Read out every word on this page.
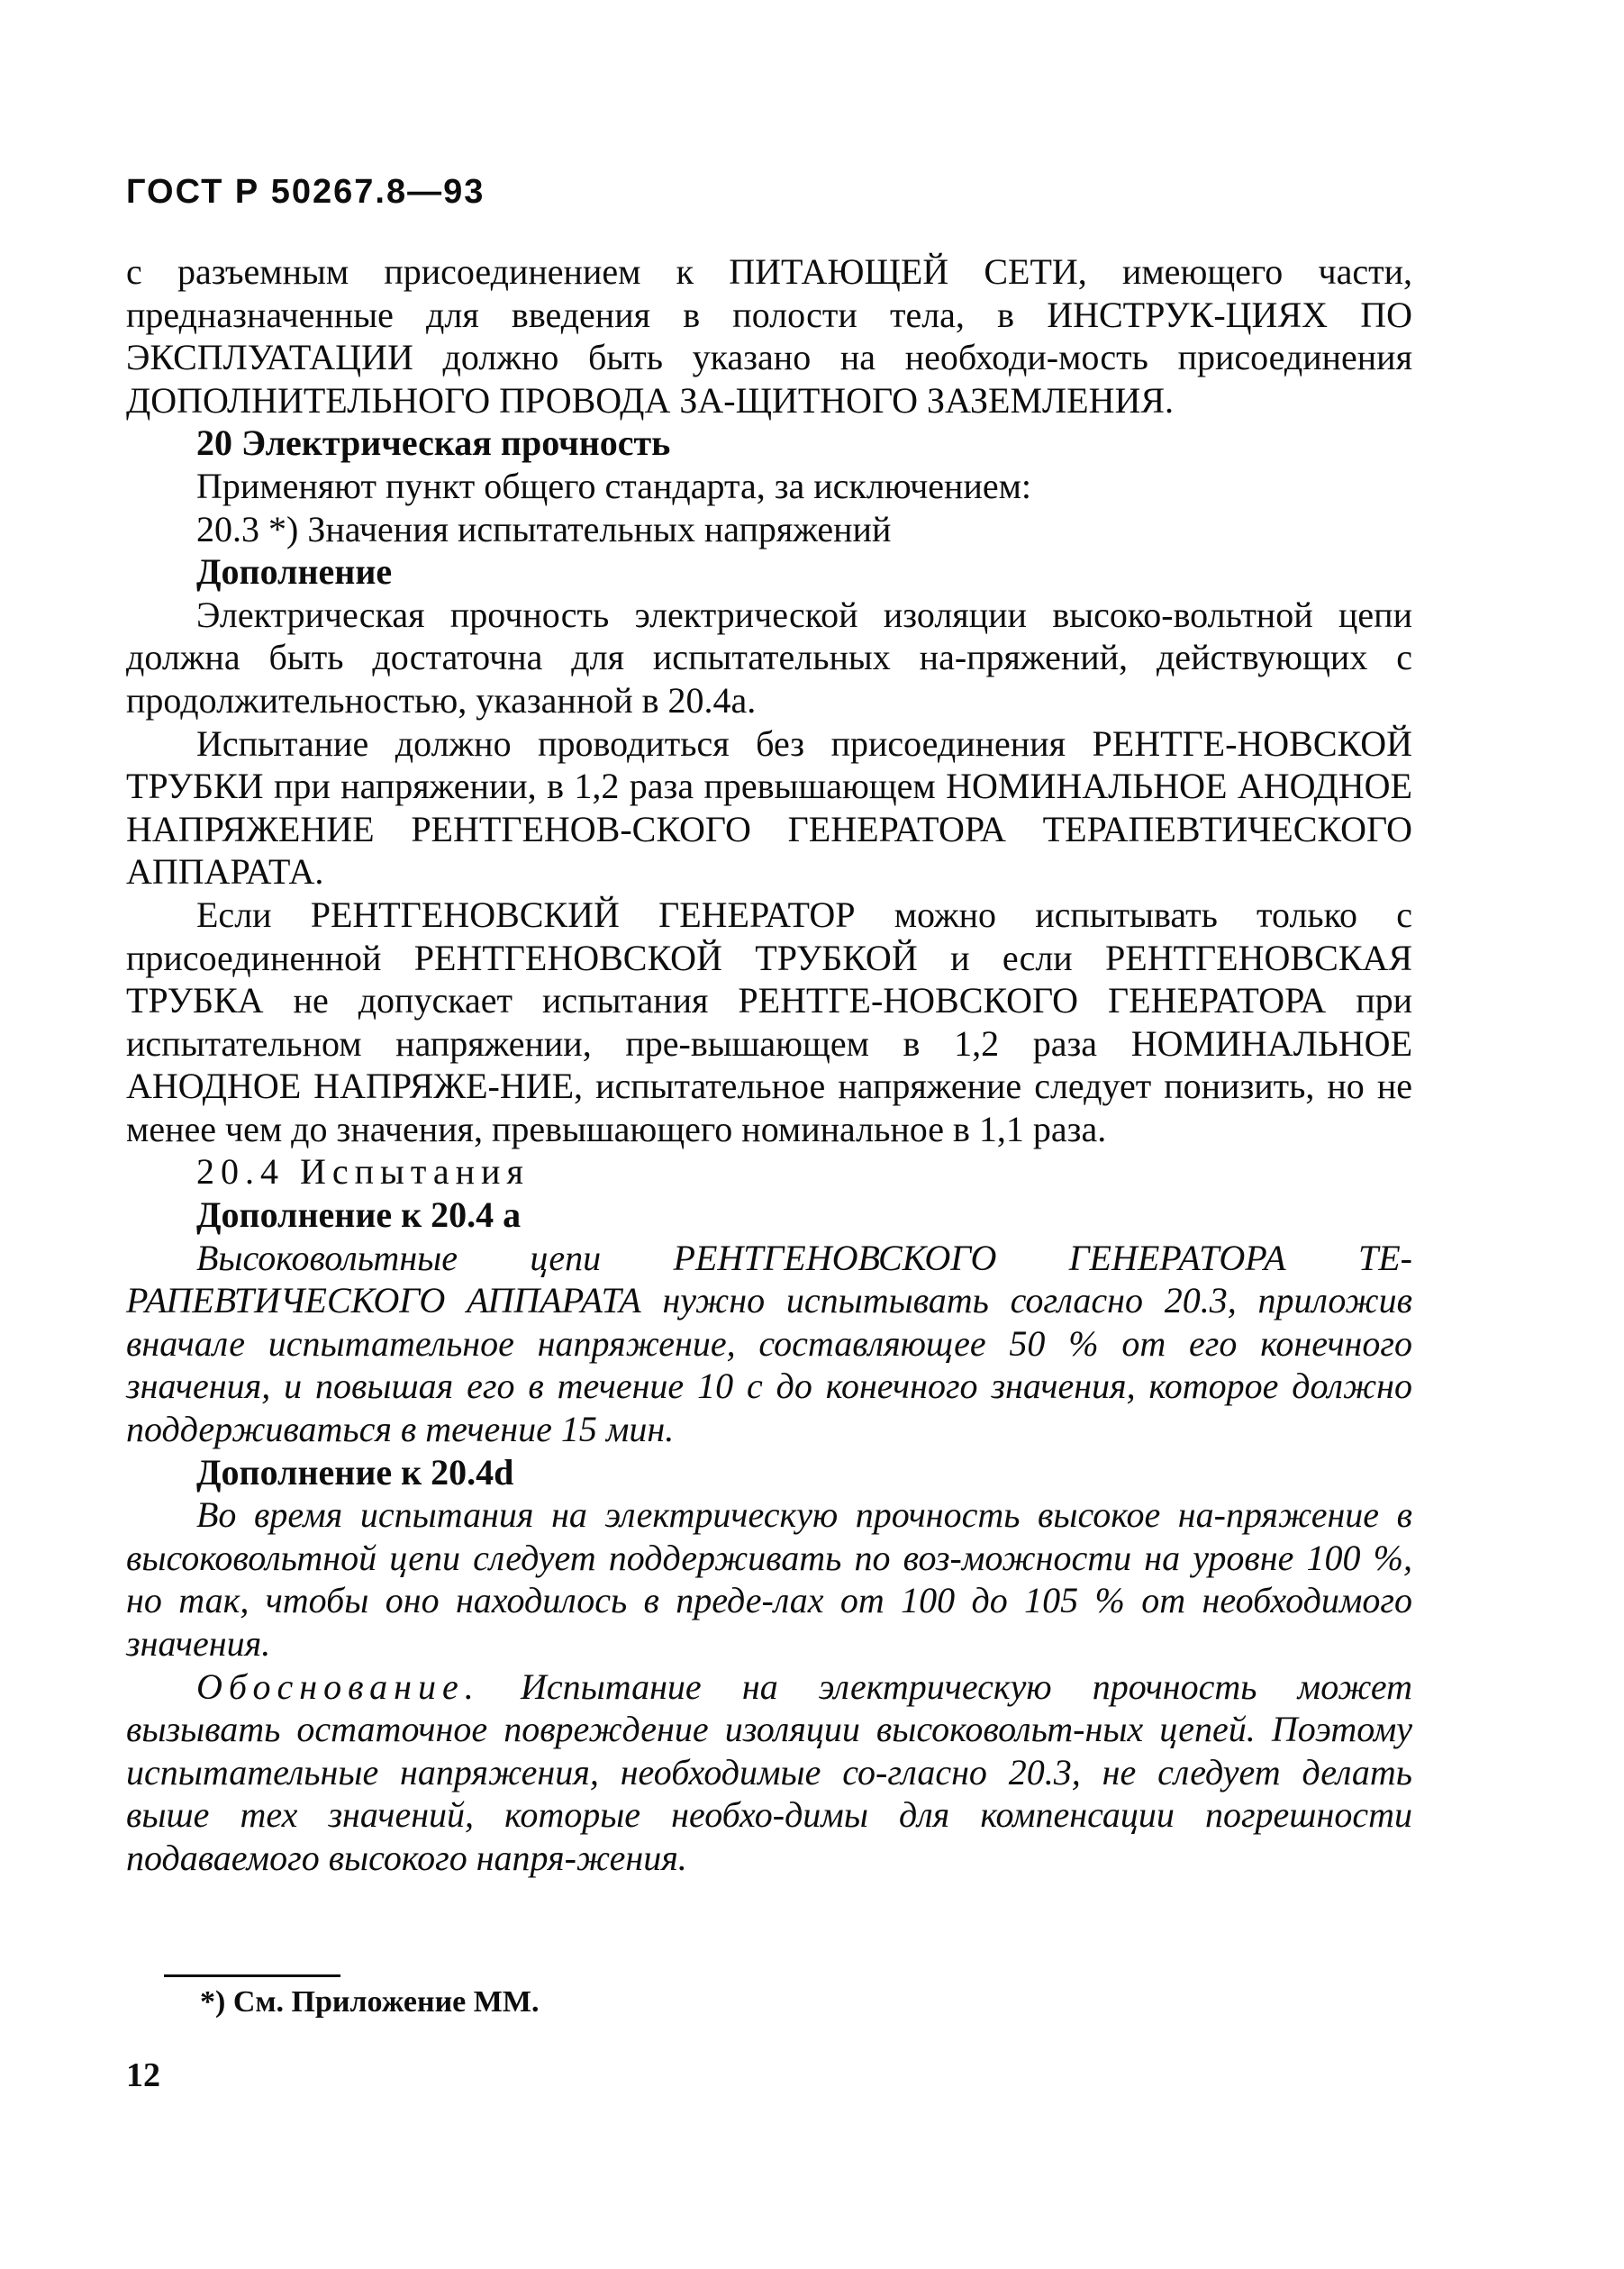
ГОСТ Р 50267.8—93

с разъемным присоединением к ПИТАЮЩЕЙ СЕТИ, имеющего части, предназначенные для введения в полости тела, в ИНСТРУК-ЦИЯХ ПО ЭКСПЛУАТАЦИИ должно быть указано на необходи-мость присоединения ДОПОЛНИТЕЛЬНОГО ПРОВОДА ЗА-ЩИТНОГО ЗАЗЕМЛЕНИЯ.

20 Электрическая прочность

Применяют пункт общего стандарта, за исключением:

20.3 *) Значения испытательных напряжений

Дополнение

Электрическая прочность электрической изоляции высоко-вольтной цепи должна быть достаточна для испытательных на-пряжений, действующих с продолжительностью, указанной в 20.4а.

Испытание должно проводиться без присоединения РЕНТГЕ-НОВСКОЙ ТРУБКИ при напряжении, в 1,2 раза превышающем НОМИНАЛЬНОЕ АНОДНОЕ НАПРЯЖЕНИЕ РЕНТГЕНОВ-СКОГО ГЕНЕРАТОРА ТЕРАПЕВТИЧЕСКОГО АППАРАТА.

Если РЕНТГЕНОВСКИЙ ГЕНЕРАТОР можно испытывать только с присоединенной РЕНТГЕНОВСКОЙ ТРУБКОЙ и если РЕНТГЕНОВСКАЯ ТРУБКА не допускает испытания РЕНТГЕ-НОВСКОГО ГЕНЕРАТОРА при испытательном напряжении, пре-вышающем в 1,2 раза НОМИНАЛЬНОЕ АНОДНОЕ НАПРЯЖЕ-НИЕ, испытательное напряжение следует понизить, но не менее чем до значения, превышающего номинальное в 1,1 раза.

20.4 Испытания

Дополнение к 20.4 а

Высоковольтные цепи РЕНТГЕНОВСКОГО ГЕНЕРАТОРА ТЕ-РАПЕВТИЧЕСКОГО АППАРАТА нужно испытывать согласно 20.3, приложив вначале испытательное напряжение, составляющее 50 % от его конечного значения, и повышая его в течение 10 с до конечного значения, которое должно поддерживаться в течение 15 мин.

Дополнение к 20.4d

Во время испытания на электрическую прочность высокое на-пряжение в высоковольтной цепи следует поддерживать по воз-можности на уровне 100 %, но так, чтобы оно находилось в преде-лах от 100 до 105 % от необходимого значения.

Обоснование. Испытание на электрическую прочность может вызывать остаточное повреждение изоляции высоковольт-ных цепей. Поэтому испытательные напряжения, необходимые со-гласно 20.3, не следует делать выше тех значений, которые необхо-димы для компенсации погрешности подаваемого высокого напря-жения.

*) См. Приложение ММ.
12
